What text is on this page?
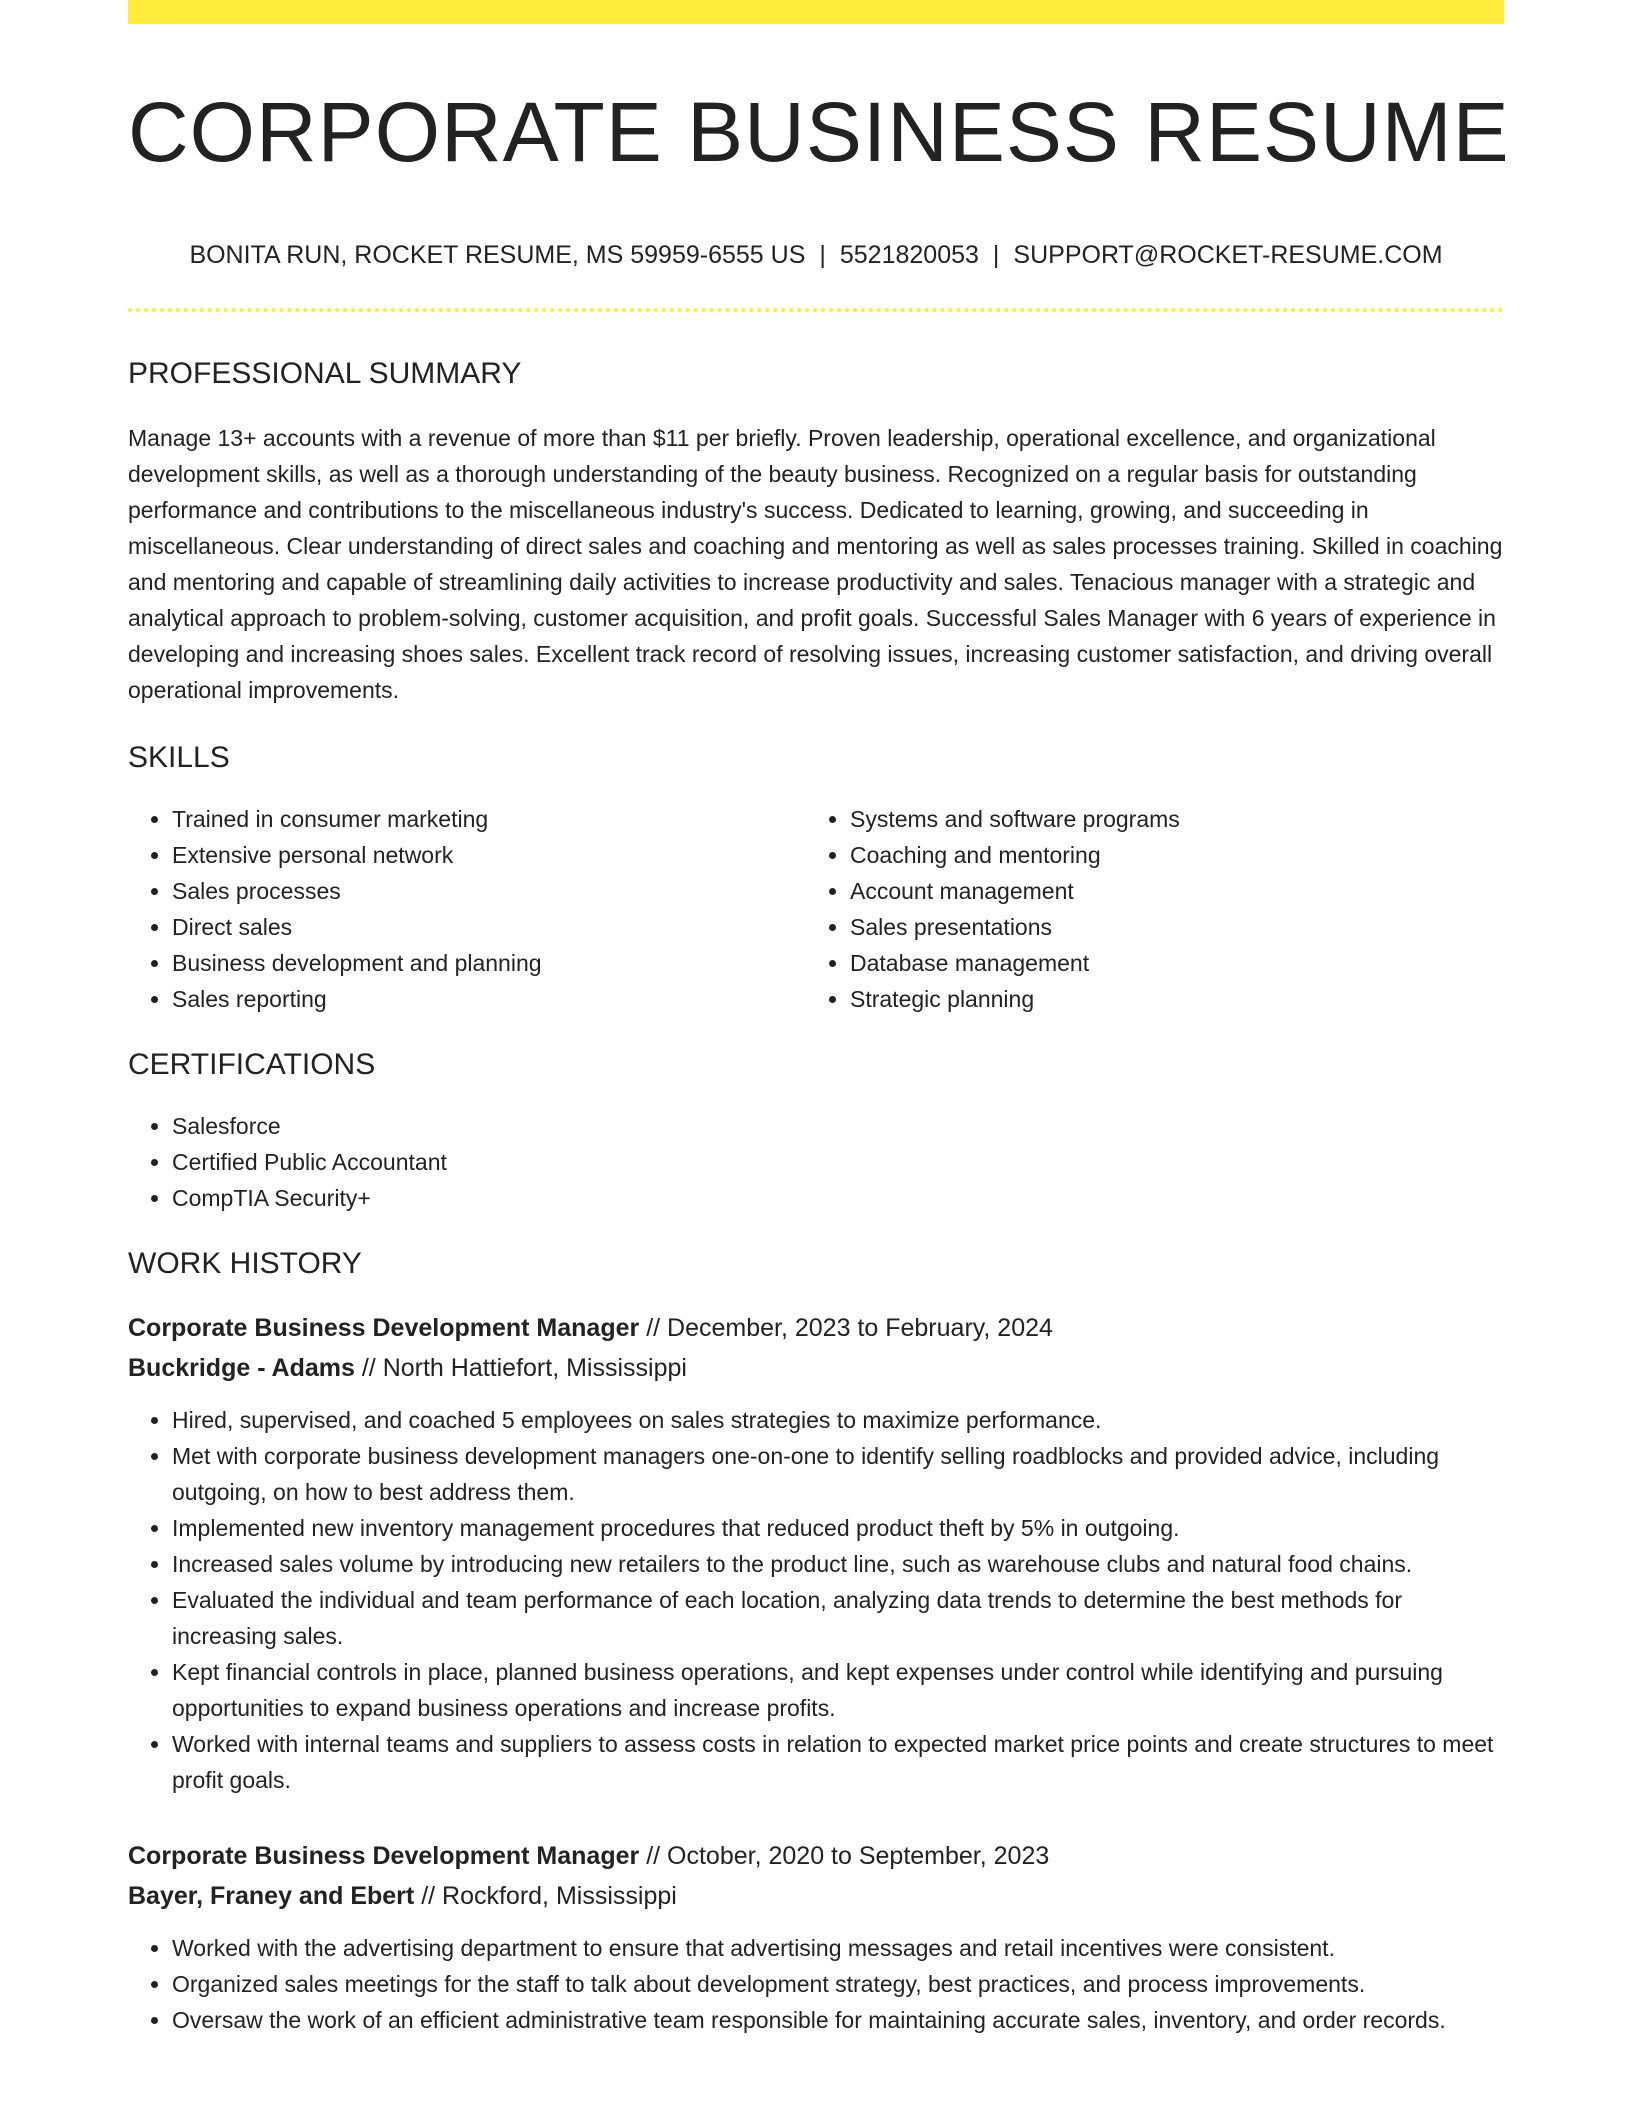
CORPORATE BUSINESS RESUME
BONITA RUN, ROCKET RESUME, MS 59959-6555 US | 5521820053 | SUPPORT@ROCKET-RESUME.COM
PROFESSIONAL SUMMARY

Manage 13+ accounts with a revenue of more than $11 per briefly. Proven leadership, operational excellence, and organizational development skills, as well as a thorough understanding of the beauty business. Recognized on a regular basis for outstanding performance and contributions to the miscellaneous industry's success. Dedicated to learning, growing, and succeeding in miscellaneous. Clear understanding of direct sales and coaching and mentoring as well as sales processes training. Skilled in coaching and mentoring and capable of streamlining daily activities to increase productivity and sales. Tenacious manager with a strategic and analytical approach to problem-solving, customer acquisition, and profit goals. Successful Sales Manager with 6 years of experience in developing and increasing shoes sales. Excellent track record of resolving issues, increasing customer satisfaction, and driving overall operational improvements.

SKILLS
• Trained in consumer marketing
• Extensive personal network
• Sales processes
• Direct sales
• Business development and planning
• Sales reporting
• Systems and software programs
• Coaching and mentoring
• Account management
• Sales presentations
• Database management
• Strategic planning
CERTIFICATIONS
• Salesforce
• Certified Public Accountant
• CompTIA Security+
WORK HISTORY
Corporate Business Development Manager // December, 2023 to February, 2024
Buckridge - Adams // North Hattiefort, Mississippi
• Hired, supervised, and coached 5 employees on sales strategies to maximize performance.
• Met with corporate business development managers one-on-one to identify selling roadblocks and provided advice, including outgoing, on how to best address them.
• Implemented new inventory management procedures that reduced product theft by 5% in outgoing.
• Increased sales volume by introducing new retailers to the product line, such as warehouse clubs and natural food chains.
• Evaluated the individual and team performance of each location, analyzing data trends to determine the best methods for increasing sales.
• Kept financial controls in place, planned business operations, and kept expenses under control while identifying and pursuing opportunities to expand business operations and increase profits.
• Worked with internal teams and suppliers to assess costs in relation to expected market price points and create structures to meet profit goals.
Corporate Business Development Manager // October, 2020 to September, 2023
Bayer, Franey and Ebert // Rockford, Mississippi
• Worked with the advertising department to ensure that advertising messages and retail incentives were consistent.
• Organized sales meetings for the staff to talk about development strategy, best practices, and process improvements.
• Oversaw the work of an efficient administrative team responsible for maintaining accurate sales, inventory, and order records.
